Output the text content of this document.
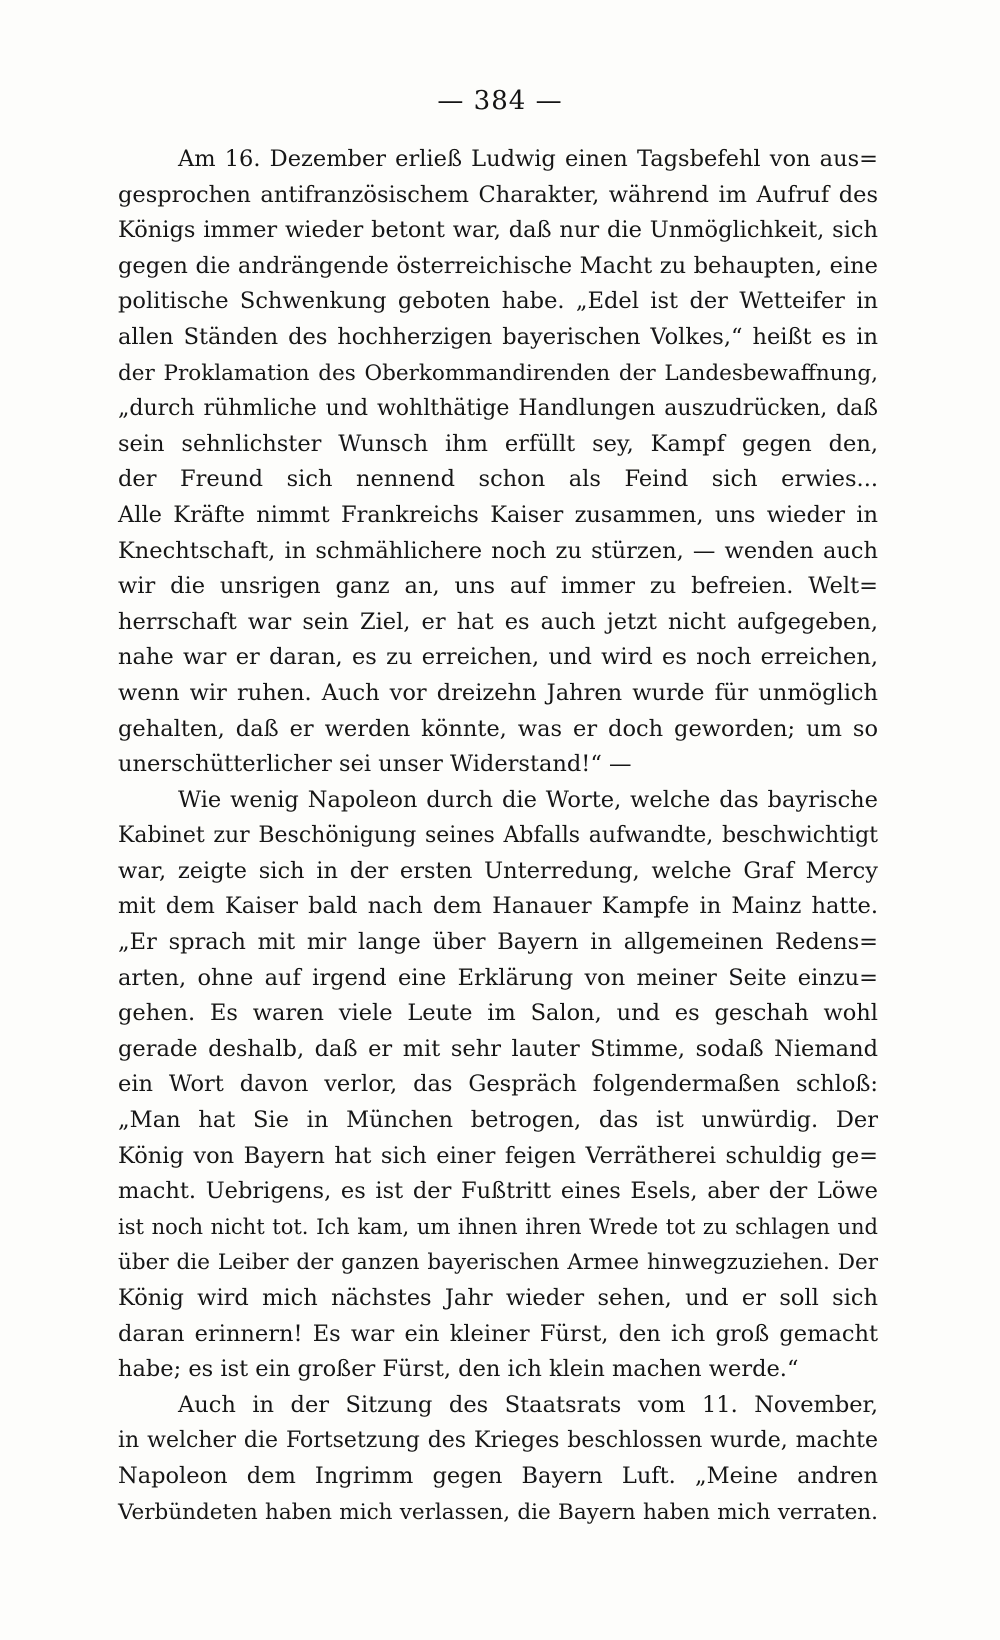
— 384 —
Am 16. Dezember erließ Ludwig einen Tagsbefehl von aus=
gesprochen antifranzösischem Charakter, während im Aufruf des
Königs immer wieder betont war, daß nur die Unmöglichkeit, sich
gegen die andrängende österreichische Macht zu behaupten, eine
politische Schwenkung geboten habe. „Edel ist der Wetteifer in
allen Ständen des hochherzigen bayerischen Volkes,“ heißt es in
der Proklamation des Oberkommandirenden der Landesbewaffnung,
„durch rühmliche und wohlthätige Handlungen auszudrücken, daß
sein sehnlichster Wunsch ihm erfüllt sey, Kampf gegen den,
der Freund sich nennend schon als Feind sich erwies...
Alle Kräfte nimmt Frankreichs Kaiser zusammen, uns wieder in
Knechtschaft, in schmählichere noch zu stürzen, — wenden auch
wir die unsrigen ganz an, uns auf immer zu befreien. Welt=
herrschaft war sein Ziel, er hat es auch jetzt nicht aufgegeben,
nahe war er daran, es zu erreichen, und wird es noch erreichen,
wenn wir ruhen. Auch vor dreizehn Jahren wurde für unmöglich
gehalten, daß er werden könnte, was er doch geworden; um so
unerschütterlicher sei unser Widerstand!“ —
Wie wenig Napoleon durch die Worte, welche das bayrische
Kabinet zur Beschönigung seines Abfalls aufwandte, beschwichtigt
war, zeigte sich in der ersten Unterredung, welche Graf Mercy
mit dem Kaiser bald nach dem Hanauer Kampfe in Mainz hatte.
„Er sprach mit mir lange über Bayern in allgemeinen Redens=
arten, ohne auf irgend eine Erklärung von meiner Seite einzu=
gehen. Es waren viele Leute im Salon, und es geschah wohl
gerade deshalb, daß er mit sehr lauter Stimme, sodaß Niemand
ein Wort davon verlor, das Gespräch folgendermaßen schloß:
„Man hat Sie in München betrogen, das ist unwürdig. Der
König von Bayern hat sich einer feigen Verrätherei schuldig ge=
macht. Uebrigens, es ist der Fußtritt eines Esels, aber der Löwe
ist noch nicht tot. Ich kam, um ihnen ihren Wrede tot zu schlagen und
über die Leiber der ganzen bayerischen Armee hinwegzuziehen. Der
König wird mich nächstes Jahr wieder sehen, und er soll sich
daran erinnern! Es war ein kleiner Fürst, den ich groß gemacht
habe; es ist ein großer Fürst, den ich klein machen werde.“
Auch in der Sitzung des Staatsrats vom 11. November,
in welcher die Fortsetzung des Krieges beschlossen wurde, machte
Napoleon dem Ingrimm gegen Bayern Luft. „Meine andren
Verbündeten haben mich verlassen, die Bayern haben mich verraten.
